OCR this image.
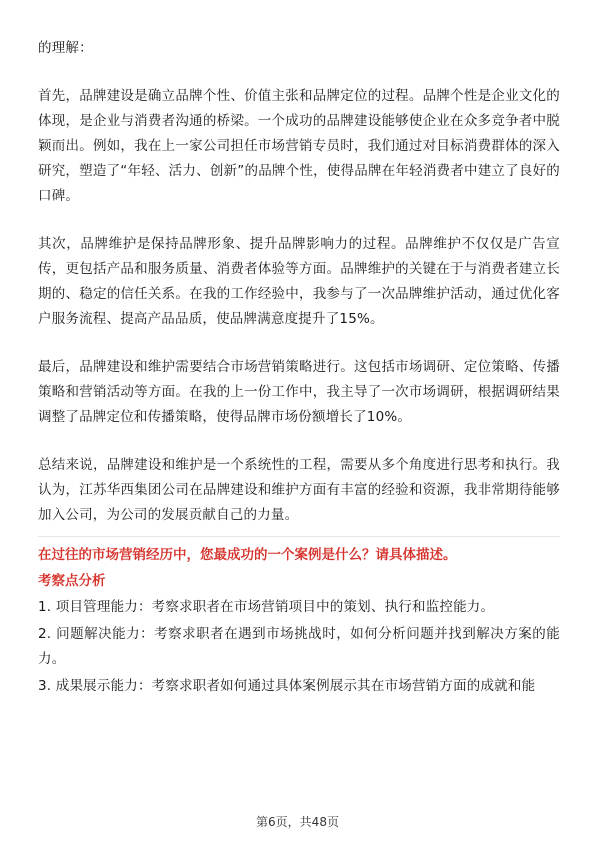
的理解：

首先，品牌建设是确立品牌个性、价值主张和品牌定位的过程。品牌个性是企业文化的体现，是企业与消费者沟通的桥梁。一个成功的品牌建设能够使企业在众多竞争者中脱颖而出。例如，我在上一家公司担任市场营销专员时，我们通过对目标消费群体的深入研究，塑造了“年轻、活力、创新”的品牌个性，使得品牌在年轻消费者中建立了良好的口碑。

其次，品牌维护是保持品牌形象、提升品牌影响力的过程。品牌维护不仅仅是广告宣传，更包括产品和服务质量、消费者体验等方面。品牌维护的关键在于与消费者建立长期的、稳定的信任关系。在我的工作经验中，我参与了一次品牌维护活动，通过优化客户服务流程、提高产品品质，使品牌满意度提升了15%。

最后，品牌建设和维护需要结合市场营销策略进行。这包括市场调研、定位策略、传播策略和营销活动等方面。在我的上一份工作中，我主导了一次市场调研，根据调研结果调整了品牌定位和传播策略，使得品牌市场份额增长了10%。

总结来说，品牌建设和维护是一个系统性的工程，需要从多个角度进行思考和执行。我认为，江苏华西集团公司在品牌建设和维护方面有丰富的经验和资源，我非常期待能够加入公司，为公司的发展贡献自己的力量。

在过往的市场营销经历中，您最成功的一个案例是什么？请具体描述。

考察点分析

1. 项目管理能力：考察求职者在市场营销项目中的策划、执行和监控能力。
2. 问题解决能力：考察求职者在遇到市场挑战时，如何分析问题并找到解决方案的能力。
3. 成果展示能力：考察求职者如何通过具体案例展示其在市场营销方面的成就和能
第6页，共48页
